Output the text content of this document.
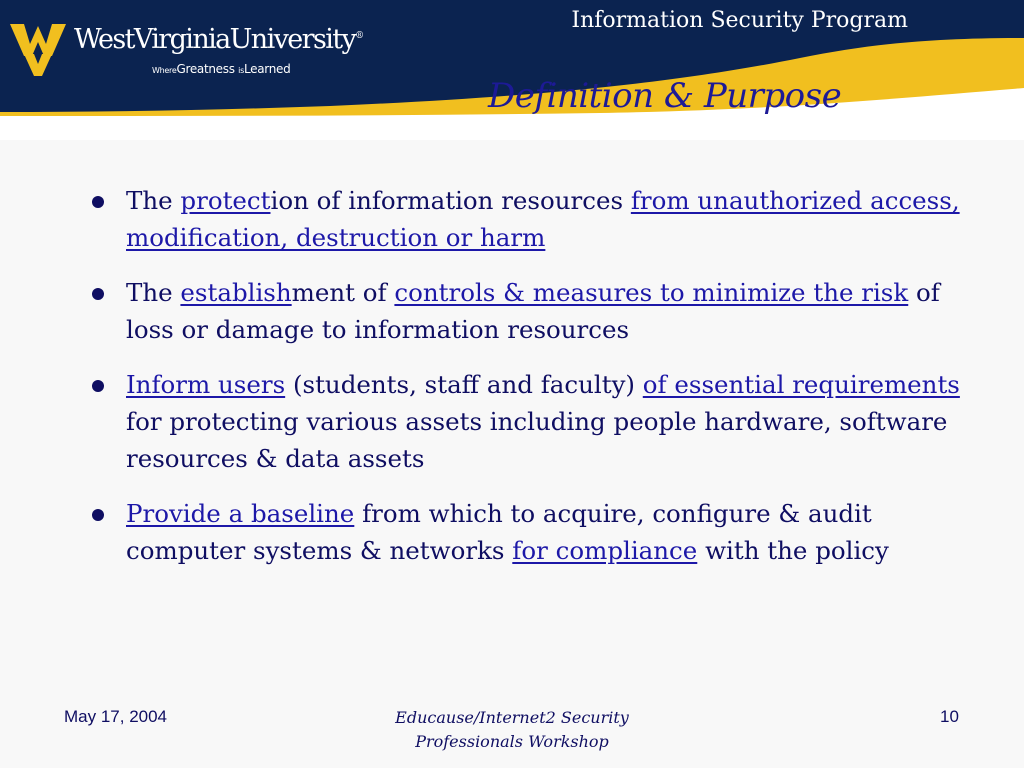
WestVirginiaUniversity®
WhereGreatness isLearned
Information Security Program
Definition & Purpose
The protection of information resources from unauthorized access, modification, destruction or harm
The establishment of controls & measures to minimize the risk of loss or damage to information resources
Inform users (students, staff and faculty) of essential requirements for protecting various assets including people hardware, software resources & data assets
Provide a baseline from which to acquire, configure & audit computer systems & networks for compliance with the policy
May 17, 2004	Educause/Internet2 Security
Professionals Workshop
10
